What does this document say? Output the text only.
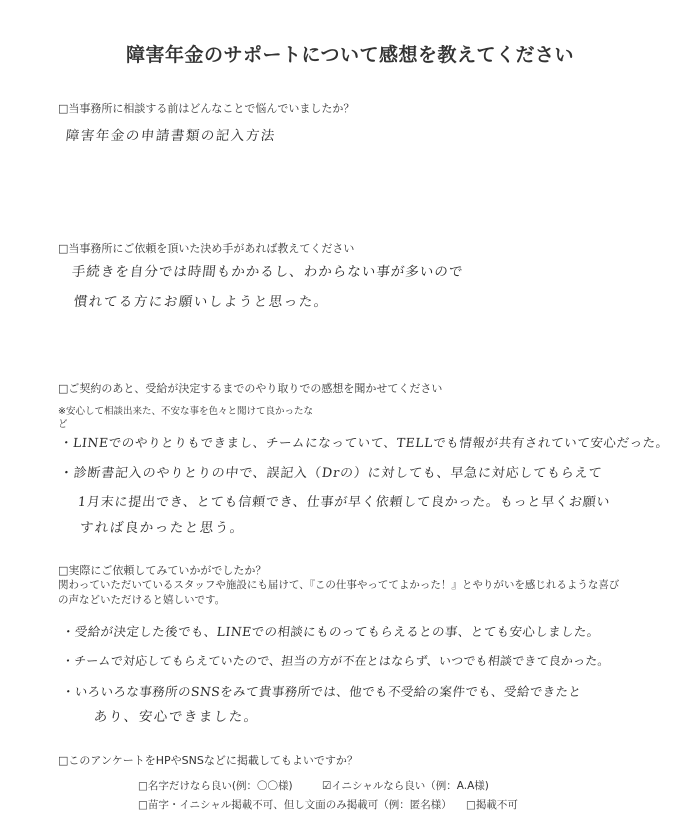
障害年金のサポートについて感想を教えてください
□当事務所に相談する前はどんなことで悩んでいましたか？
障害年金の申請書類の記入方法
□当事務所にご依頼を頂いた決め手があれば教えてください
手続きを自分では時間もかかるし、わからない事が多いので
慣れてる方にお願いしようと思った。
□ご契約のあと、受給が決定するまでのやり取りでの感想を聞かせてください
※安心して相談出来た、不安な事を色々と聞けて良かったな
ど
・LINEでのやりとりもできまし、チームになっていて、TELLでも情報が共有されていて安心だった。
・診断書記入のやりとりの中で、誤記入（Drの）に対しても、早急に対応してもらえて
1月末に提出でき、とても信頼でき、仕事が早く依頼して良かった。もっと早くお願い
すれば良かったと思う。
□実際にご依頼してみていかがでしたか？
関わっていただいているスタッフや施設にも届けて、『この仕事やっててよかった！』とやりがいを感じれるような喜び
の声などいただけると嬉しいです。
・受給が決定した後でも、LINEでの相談にものってもらえるとの事、とても安心しました。
・チームで対応してもらえていたので、担当の方が不在とはならず、いつでも相談できて良かった。
・いろいろな事務所のSNSをみて貴事務所では、他でも不受給の案件でも、受給できたと
あり、安心できました。
□このアンケートをHPやSNSなどに掲載してもよいですか？
□名字だけなら良い(例：〇〇様)	☑イニシャルなら良い（例：A.A様)
□苗字・イニシャル掲載不可、但し文面のみ掲載可（例：匿名様） □掲載不可
